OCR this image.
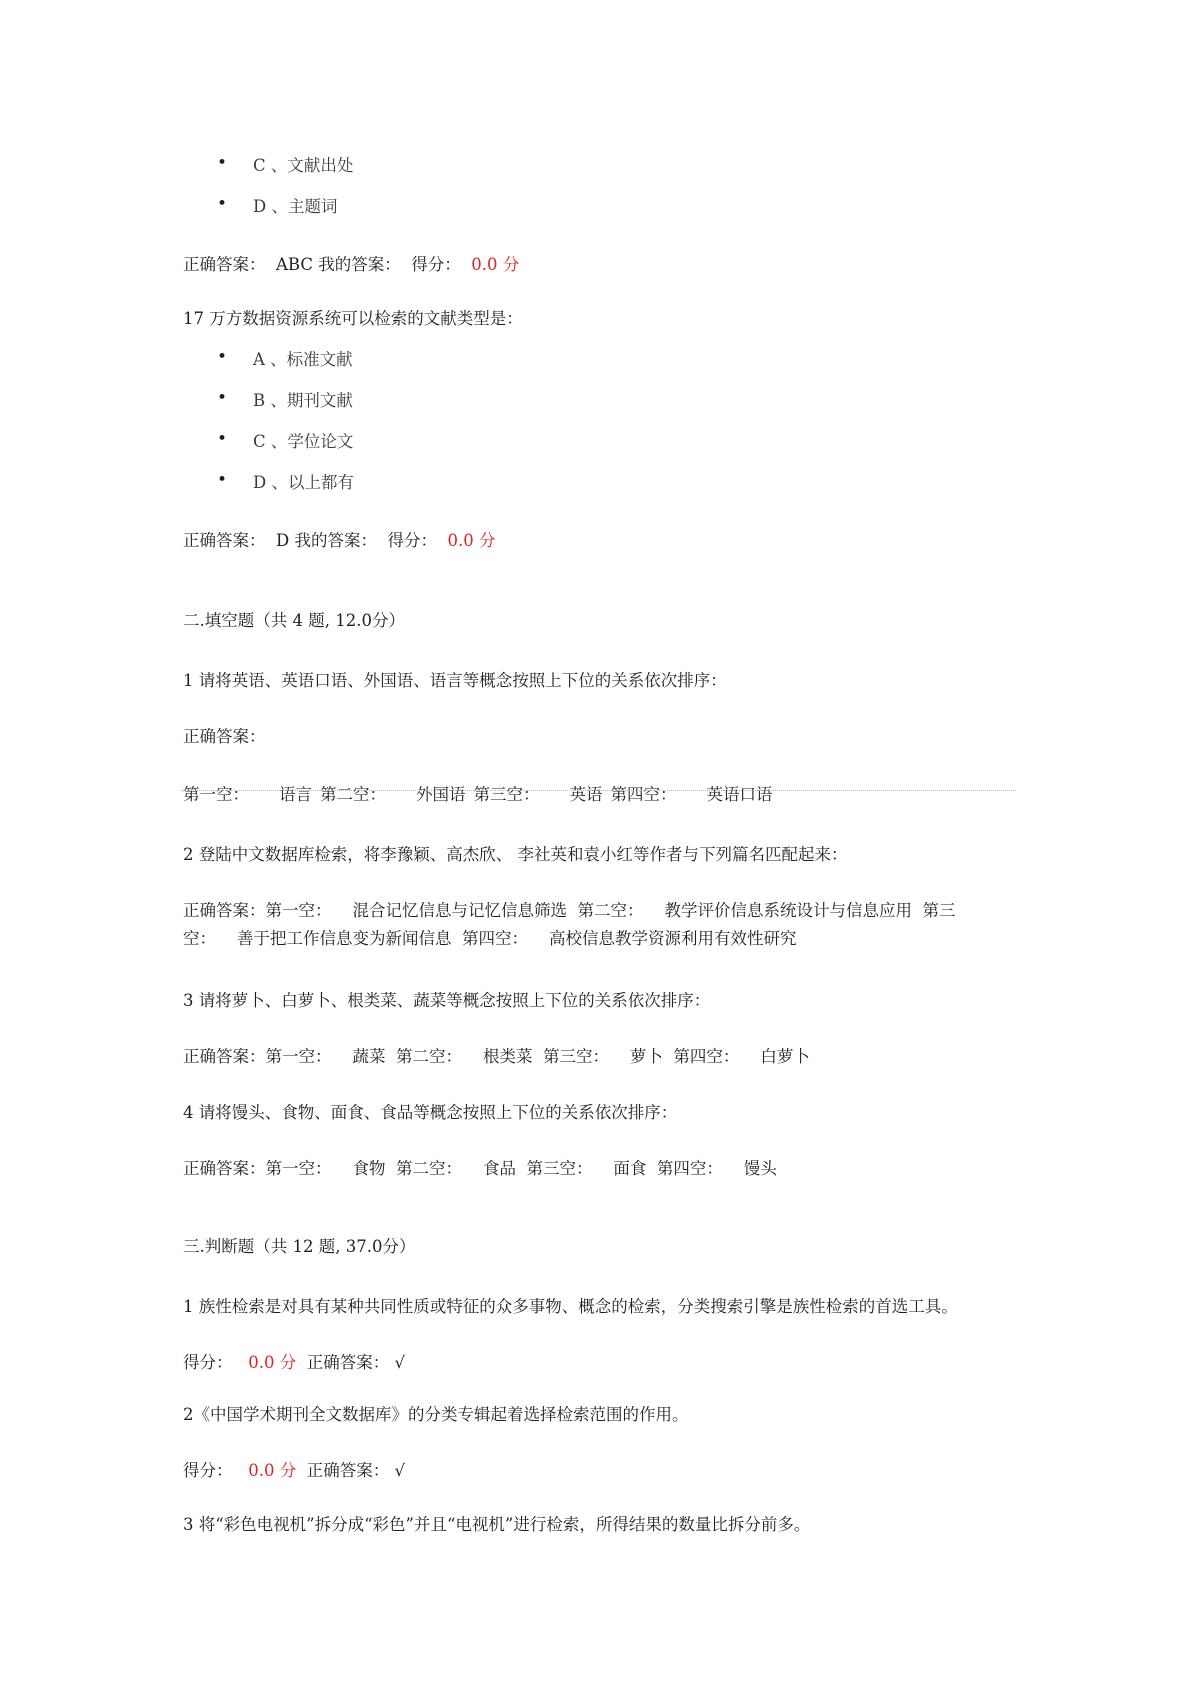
• C 、文献出处
• D 、主题词
正确答案： ABC 我的答案： 得分： 0.0 分
17 万方数据资源系统可以检索的文献类型是：
• A 、标准文献
• B 、期刊文献
• C 、学位论文
• D 、以上都有
正确答案： D 我的答案： 得分： 0.0 分
二.填空题（共 4 题, 12.0分）
1 请将英语、英语口语、外国语、语言等概念按照上下位的关系依次排序：
正确答案：
第一空： 语言 第二空： 外国语 第三空： 英语 第四空： 英语口语
2 登陆中文数据库检索，将李豫颖、高杰欣、 李社英和袁小红等作者与下列篇名匹配起来：
正确答案：第一空：    混合记忆信息与记忆信息筛选  第二空：    教学评价信息系统设计与信息应用  第三
空：    善于把工作信息变为新闻信息  第四空：    高校信息教学资源利用有效性研究
3 请将萝卜、白萝卜、根类菜、蔬菜等概念按照上下位的关系依次排序：
正确答案：第一空：    蔬菜  第二空：    根类菜  第三空：    萝卜  第四空：    白萝卜
4 请将馒头、食物、面食、食品等概念按照上下位的关系依次排序：
正确答案：第一空：    食物  第二空：    食品  第三空：    面食  第四空：    馒头
三.判断题（共 12 题, 37.0分）
1 族性检索是对具有某种共同性质或特征的众多事物、概念的检索，分类搜索引擎是族性检索的首选工具。
得分： 0.0 分 正确答案： √
2《中国学术期刊全文数据库》的分类专辑起着选择检索范围的作用。
得分： 0.0 分 正确答案： √
3 将“彩色电视机”拆分成“彩色”并且“电视机”进行检索，所得结果的数量比拆分前多。
